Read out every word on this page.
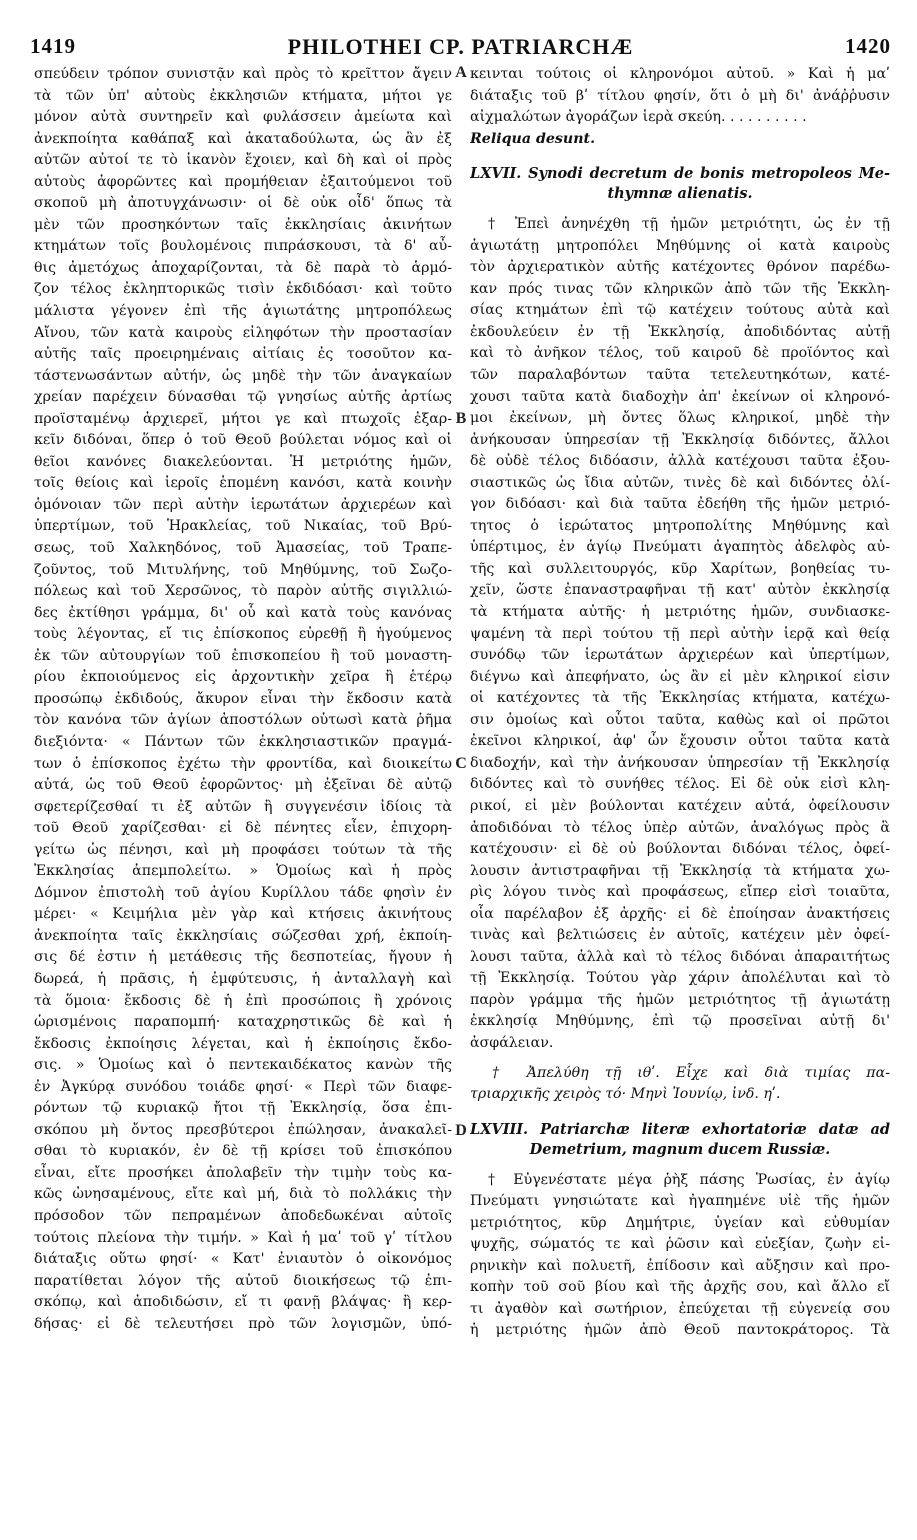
1419	PHILOTHEI CP. PATRIARCHÆ	1420
A
B
C
D
σπεύδειν τρόπον συνιστᾷν καὶ πρὸς τὸ κρεῖττον ἄγειν
τὰ τῶν ὑπ' αὐτοὺς ἐκκλησιῶν κτήματα, μήτοι γε
μόνον αὐτὰ συντηρεῖν καὶ φυλάσσειν ἀμείωτα καὶ
ἀνεκποίητα καθάπαξ καὶ ἀκαταδούλωτα, ὡς ἂν ἐξ
αὐτῶν αὐτοί τε τὸ ἱκανὸν ἔχοιεν, καὶ δὴ καὶ οἱ πρὸς
αὐτοὺς ἀφορῶντες καὶ προμήθειαν ἐξαιτούμενοι τοῦ
σκοποῦ μὴ ἀποτυγχάνωσιν· οἱ δὲ οὐκ οἶδ' ὅπως τὰ
μὲν τῶν προσηκόντων ταῖς ἐκκλησίαις ἀκινήτων
κτημάτων τοῖς βουλομένοις πιπράσκουσι, τὰ δ' αὖ-
θις ἀμετόχως ἀποχαρίζονται, τὰ δὲ παρὰ τὸ ἁρμό-
ζον τέλος ἐκληπτορικῶς τισὶν ἐκδιδόασι· καὶ τοῦτο
μάλιστα γέγονεν ἐπὶ τῆς ἁγιωτάτης μητροπόλεως
Αἴνου, τῶν κατὰ καιροὺς εἰληφότων τὴν προστασίαν
αὐτῆς ταῖς προειρημέναις αἰτίαις ἐς τοσοῦτον κα-
τάστενωσάντων αὐτήν, ὡς μηδὲ τὴν τῶν ἀναγκαίων
χρείαν παρέχειν δύνασθαι τῷ γνησίως αὐτῆς ἀρτίως
προϊσταμένῳ ἀρχιερεῖ, μήτοι γε καὶ πτωχοῖς ἐξαρ-
κεῖν διδόναι, ὅπερ ὁ τοῦ Θεοῦ βούλεται νόμος καὶ οἱ
θεῖοι κανόνες διακελεύονται. Ἡ μετριότης ἡμῶν,
τοῖς θείοις καὶ ἱεροῖς ἑπομένη κανόσι, κατὰ κοινὴν
ὁμόνοιαν τῶν περὶ αὐτὴν ἱερωτάτων ἀρχιερέων καὶ
ὑπερτίμων, τοῦ Ἡρακλείας, τοῦ Νικαίας, τοῦ Βρύ-
σεως, τοῦ Χαλκηδόνος, τοῦ Ἀμασείας, τοῦ Τραπε-
ζοῦντος, τοῦ Μιτυλήνης, τοῦ Μηθύμνης, τοῦ Σωζο-
πόλεως καὶ τοῦ Χερσῶνος, τὸ παρὸν αὐτῆς σιγιλλιώ-
δες ἐκτίθησι γράμμα, δι' οὗ καὶ κατὰ τοὺς κανόνας
τοὺς λέγοντας, εἴ τις ἐπίσκοπος εὑρεθῇ ἢ ἡγούμενος
ἐκ τῶν αὐτουργίων τοῦ ἐπισκοπείου ἢ τοῦ μοναστη-
ρίου ἐκποιούμενος εἰς ἀρχοντικὴν χεῖρα ἢ ἑτέρῳ
προσώπῳ ἐκδιδούς, ἄκυρον εἶναι τὴν ἔκδοσιν κατὰ
τὸν κανόνα τῶν ἁγίων ἀποστόλων οὑτωσὶ κατὰ ῥῆμα
διεξιόντα· « Πάντων τῶν ἐκκλησιαστικῶν πραγμά-
των ὁ ἐπίσκοπος ἐχέτω τὴν φροντίδα, καὶ διοικείτω
αὐτά, ὡς τοῦ Θεοῦ ἐφορῶντος· μὴ ἐξεῖναι δὲ αὐτῷ
σφετερίζεσθαί τι ἐξ αὐτῶν ἢ συγγενέσιν ἰδίοις τὰ
τοῦ Θεοῦ χαρίζεσθαι· εἰ δὲ πένητες εἶεν, ἐπιχορη-
γείτω ὡς πένησι, καὶ μὴ προφάσει τούτων τὰ τῆς
Ἐκκλησίας ἀπεμπολείτω. » Ὁμοίως καὶ ἡ πρὸς
Δόμνον ἐπιστολὴ τοῦ ἁγίου Κυρίλλου τάδε φησὶν ἐν
μέρει· « Κειμήλια μὲν γὰρ καὶ κτήσεις ἀκινήτους
ἀνεκποίητα ταῖς ἐκκλησίαις σώζεσθαι χρή, ἐκποίη-
σις δέ ἐστιν ἡ μετάθεσις τῆς δεσποτείας, ἤγουν ἡ
δωρεά, ἡ πρᾶσις, ἡ ἐμφύτευσις, ἡ ἀνταλλαγὴ καὶ
τὰ ὅμοια· ἔκδοσις δὲ ἡ ἐπὶ προσώποις ἢ χρόνοις
ὡρισμένοις παραπομπή· καταχρηστικῶς δὲ καὶ ἡ
ἔκδοσις ἐκποίησις λέγεται, καὶ ἡ ἐκποίησις ἔκδο-
σις. » Ὁμοίως καὶ ὁ πεντεκαιδέκατος κανὼν τῆς
ἐν Ἀγκύρᾳ συνόδου τοιάδε φησί· « Περὶ τῶν διαφε-
ρόντων τῷ κυριακῷ ἤτοι τῇ Ἐκκλησίᾳ, ὅσα ἐπι-
σκόπου μὴ ὄντος πρεσβύτεροι ἐπώλησαν, ἀνακαλεῖ-
σθαι τὸ κυριακόν, ἐν δὲ τῇ κρίσει τοῦ ἐπισκόπου
εἶναι, εἴτε προσήκει ἀπολαβεῖν τὴν τιμὴν τοὺς κα-
κῶς ὠνησαμένους, εἴτε καὶ μή, διὰ τὸ πολλάκις τὴν
πρόσοδον τῶν πεπραμένων ἀποδεδωκέναι αὐτοῖς
τούτοις πλείονα τὴν τιμήν. » Καὶ ἡ μαʹ τοῦ γʹ τίτλου
διάταξις οὕτω φησί· « Κατ' ἐνιαυτὸν ὁ οἰκονόμος
παρατίθεται λόγον τῆς αὐτοῦ διοικήσεως τῷ ἐπι-
σκόπῳ, καὶ ἀποδιδώσιν, εἴ τι φανῇ βλάψας· ἢ κερ-
δήσας· εἰ δὲ τελευτήσει πρὸ τῶν λογισμῶν, ὑπό-
κεινται τούτοις οἱ κληρονόμοι αὐτοῦ. » Καὶ ἡ μαʹ
διάταξις τοῦ βʹ τίτλου φησίν, ὅτι ὁ μὴ δι' ἀνάῤῥυσιν
αἰχμαλώτων ἀγοράζων ἱερὰ σκεύη. . . . . . . . . .
Reliqua desunt.
LXVII. Synodi decretum de bonis metropoleos Me-
thymnæ alienatis.
† Ἐπεὶ ἀνηνέχθη τῇ ἡμῶν μετριότητι, ὡς ἐν τῇ
ἁγιωτάτῃ μητροπόλει Μηθύμνης οἱ κατὰ καιροὺς
τὸν ἀρχιερατικὸν αὐτῆς κατέχοντες θρόνον παρέδω-
καν πρός τινας τῶν κληρικῶν ἀπὸ τῶν τῆς Ἐκκλη-
σίας κτημάτων ἐπὶ τῷ κατέχειν τούτους αὐτὰ καὶ
ἐκδουλεύειν ἐν τῇ Ἐκκλησίᾳ, ἀποδιδόντας αὐτῇ
καὶ τὸ ἀνῆκον τέλος, τοῦ καιροῦ δὲ προϊόντος καὶ
τῶν παραλαβόντων ταῦτα τετελευτηκότων, κατέ-
χουσι ταῦτα κατὰ διαδοχὴν ἀπ' ἐκείνων οἱ κληρονό-
μοι ἐκείνων, μὴ ὄντες ὅλως κληρικοί, μηδὲ τὴν
ἀνήκουσαν ὑπηρεσίαν τῇ Ἐκκλησίᾳ διδόντες, ἄλλοι
δὲ οὐδὲ τέλος διδόασιν, ἀλλὰ κατέχουσι ταῦτα ἐξου-
σιαστικῶς ὡς ἴδια αὐτῶν, τινὲς δὲ καὶ διδόντες ὀλί-
γον διδόασι· καὶ διὰ ταῦτα ἐδεήθη τῆς ἡμῶν μετριό-
τητος ὁ ἱερώτατος μητροπολίτης Μηθύμνης καὶ
ὑπέρτιμος, ἐν ἁγίῳ Πνεύματι ἀγαπητὸς ἀδελφὸς αὐ-
τῆς καὶ συλλειτουργός, κῦρ Χαρίτων, βοηθείας τυ-
χεῖν, ὥστε ἐπαναστραφῆναι τῇ κατ' αὐτὸν ἐκκλησίᾳ
τὰ κτήματα αὐτῆς· ἡ μετριότης ἡμῶν, συνδιασκε-
ψαμένη τὰ περὶ τούτου τῇ περὶ αὐτὴν ἱερᾷ καὶ θείᾳ
συνόδῳ τῶν ἱερωτάτων ἀρχιερέων καὶ ὑπερτίμων,
διέγνω καὶ ἀπεφήνατο, ὡς ἂν εἰ μὲν κληρικοί εἰσιν
οἱ κατέχοντες τὰ τῆς Ἐκκλησίας κτήματα, κατέχω-
σιν ὁμοίως καὶ οὗτοι ταῦτα, καθὼς καὶ οἱ πρῶτοι
ἐκεῖνοι κληρικοί, ἀφ' ὧν ἔχουσιν οὗτοι ταῦτα κατὰ
διαδοχήν, καὶ τὴν ἀνήκουσαν ὑπηρεσίαν τῇ Ἐκκλησίᾳ
διδόντες καὶ τὸ συνήθες τέλος. Εἰ δὲ οὐκ εἰσὶ κλη-
ρικοί, εἰ μὲν βούλονται κατέχειν αὐτά, ὀφείλουσιν
ἀποδιδόναι τὸ τέλος ὑπὲρ αὐτῶν, ἀναλόγως πρὸς ἃ
κατέχουσιν· εἰ δὲ οὐ βούλονται διδόναι τέλος, ὀφεί-
λουσιν ἀντιστραφῆναι τῇ Ἐκκλησίᾳ τὰ κτήματα χω-
ρὶς λόγου τινὸς καὶ προφάσεως, εἴπερ εἰσὶ τοιαῦτα,
οἷα παρέλαβον ἐξ ἀρχῆς· εἰ δὲ ἐποίησαν ἀνακτήσεις
τινὰς καὶ βελτιώσεις ἐν αὐτοῖς, κατέχειν μὲν ὀφεί-
λουσι ταῦτα, ἀλλὰ καὶ τὸ τέλος διδόναι ἀπαραιτήτως
τῇ Ἐκκλησίᾳ. Τούτου γὰρ χάριν ἀπολέλυται καὶ τὸ
παρὸν γράμμα τῆς ἡμῶν μετριότητος τῇ ἁγιωτάτῃ
ἐκκλησίᾳ Μηθύμνης, ἐπὶ τῷ προσεῖναι αὐτῇ δι'
ἀσφάλειαν.
† Ἀπελύθη τῇ ιθʹ. Εἶχε καὶ διὰ τιμίας πα-
τριαρχικῆς χειρὸς τό· Μηνὶ Ἰουνίῳ, ἰνδ. ηʹ.
LXVIII. Patriarchæ literæ exhortatoriæ datæ ad
Demetrium, magnum ducem Russiæ.
† Εὐγενέστατε μέγα ῥὴξ πάσης Ῥωσίας, ἐν ἁγίῳ
Πνεύματι γνησιώτατε καὶ ἠγαπημένε υἱὲ τῆς ἡμῶν
μετριότητος, κῦρ Δημήτριε, ὑγείαν καὶ εὐθυμίαν
ψυχῆς, σώματός τε καὶ ῥῶσιν καὶ εὐεξίαν, ζωὴν εἰ-
ρηνικὴν καὶ πολυετῆ, ἐπίδοσιν καὶ αὔξησιν καὶ προ-
κοπὴν τοῦ σοῦ βίου καὶ τῆς ἀρχῆς σου, καὶ ἄλλο εἴ
τι ἀγαθὸν καὶ σωτήριον, ἐπεύχεται τῇ εὐγενείᾳ σου
ἡ μετριότης ἡμῶν ἀπὸ Θεοῦ παντοκράτορος. Τὰ
